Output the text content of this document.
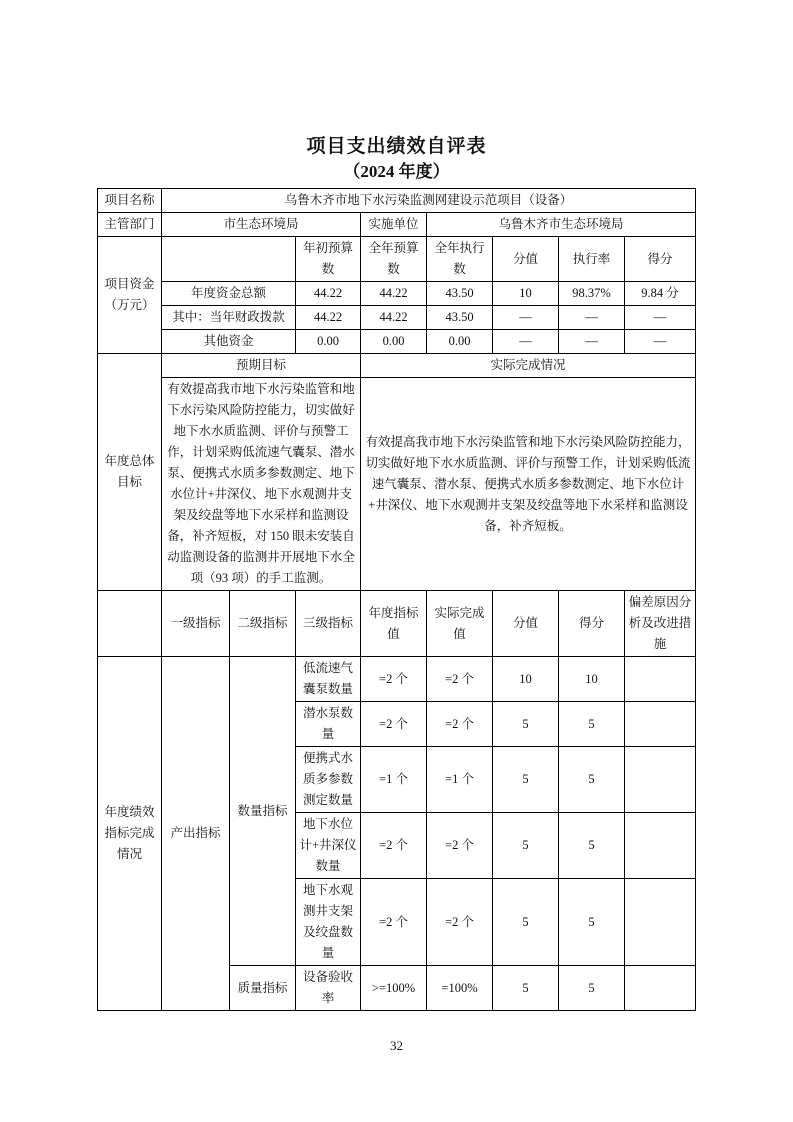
项目支出绩效自评表
（2024 年度）
项目名称	乌鲁木齐市地下水污染监测网建设示范项目（设备）							
主管部门	市生态环境局			实施单位	乌鲁木齐市生态环境局			
项目资金（万元）			年初预算数	全年预算数	全年执行数	分值	执行率	得分
	年度资金总额		44.22	44.22	43.50	10	98.37%	9.84 分
	其中：当年财政拨款		44.22	44.22	43.50	—	—	—
	其他资金		0.00	0.00	0.00	—	—	—
年度总体目标	预期目标			实际完成情况				
	有效提高我市地下水污染监管和地下水污染风险防控能力，切实做好地下水水质监测、评价与预警工作，计划采购低流速气囊泵、潜水泵、便携式水质多参数测定、地下水位计+井深仪、地下水观测井支架及绞盘等地下水采样和监测设备，补齐短板，对 150 眼未安装自动监测设备的监测井开展地下水全项（93 项）的手工监测。			有效提高我市地下水污染监管和地下水污染风险防控能力，切实做好地下水水质监测、评价与预警工作，计划采购低流速气囊泵、潜水泵、便携式水质多参数测定、地下水位计+井深仪、地下水观测井支架及绞盘等地下水采样和监测设备，补齐短板。				
	一级指标	二级指标	三级指标	年度指标值	实际完成值	分值	得分	偏差原因分析及改进措施
年度绩效指标完成情况	产出指标	数量指标	低流速气囊泵数量	=2 个	=2 个	10	10	
			潜水泵数量	=2 个	=2 个	5	5	
			便携式水质多参数测定数量	=1 个	=1 个	5	5	
			地下水位计+井深仪数量	=2 个	=2 个	5	5	
			地下水观测井支架及绞盘数量	=2 个	=2 个	5	5	
		质量指标	设备验收率	>=100%	=100%	5	5	
32
